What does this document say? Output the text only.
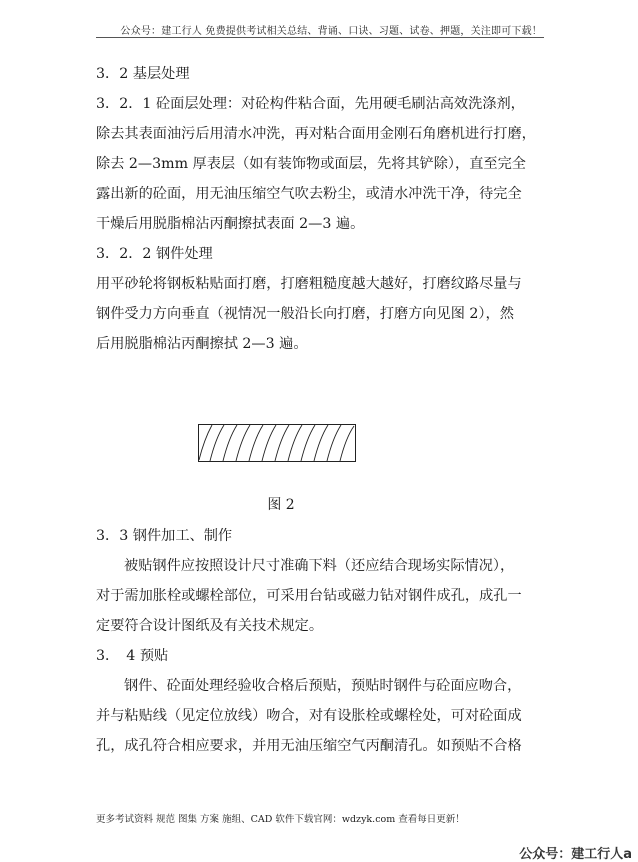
公众号：建工行人 免费提供考试相关总结、背诵、口诀、习题、试卷、押题，关注即可下载！

3．2 基层处理

3．2．1 砼面层处理：对砼构件粘合面，先用硬毛刷沾高效洗涤剂，

除去其表面油污后用清水冲洗，再对粘合面用金刚石角磨机进行打磨，

除去 2—3mm 厚表层（如有装饰物或面层，先将其铲除），直至完全

露出新的砼面，用无油压缩空气吹去粉尘，或清水冲洗干净，待完全

干燥后用脱脂棉沾丙酮擦拭表面 2—3 遍。

3．2．2 钢件处理

用平砂轮将钢板粘贴面打磨，打磨粗糙度越大越好，打磨纹路尽量与

钢件受力方向垂直（视情况一般沿长向打磨，打磨方向见图 2），然

后用脱脂棉沾丙酮擦拭 2—3 遍。

图 2

3．3 钢件加工、制作

被贴钢件应按照设计尺寸准确下料（还应结合现场实际情况），

对于需加胀栓或螺栓部位，可采用台钻或磁力钻对钢件成孔，成孔一

定要符合设计图纸及有关技术规定。

3．　4 预贴

钢件、砼面处理经验收合格后预贴，预贴时钢件与砼面应吻合，

并与粘贴线（见定位放线）吻合，对有设胀栓或螺栓处，可对砼面成

孔，成孔符合相应要求，并用无油压缩空气丙酮清孔。如预贴不合格

更多考试资料 规范 图集 方案 施组、CAD 软件下载官网：wdzyk.com 查看每日更新！
公众号：建工行人a
